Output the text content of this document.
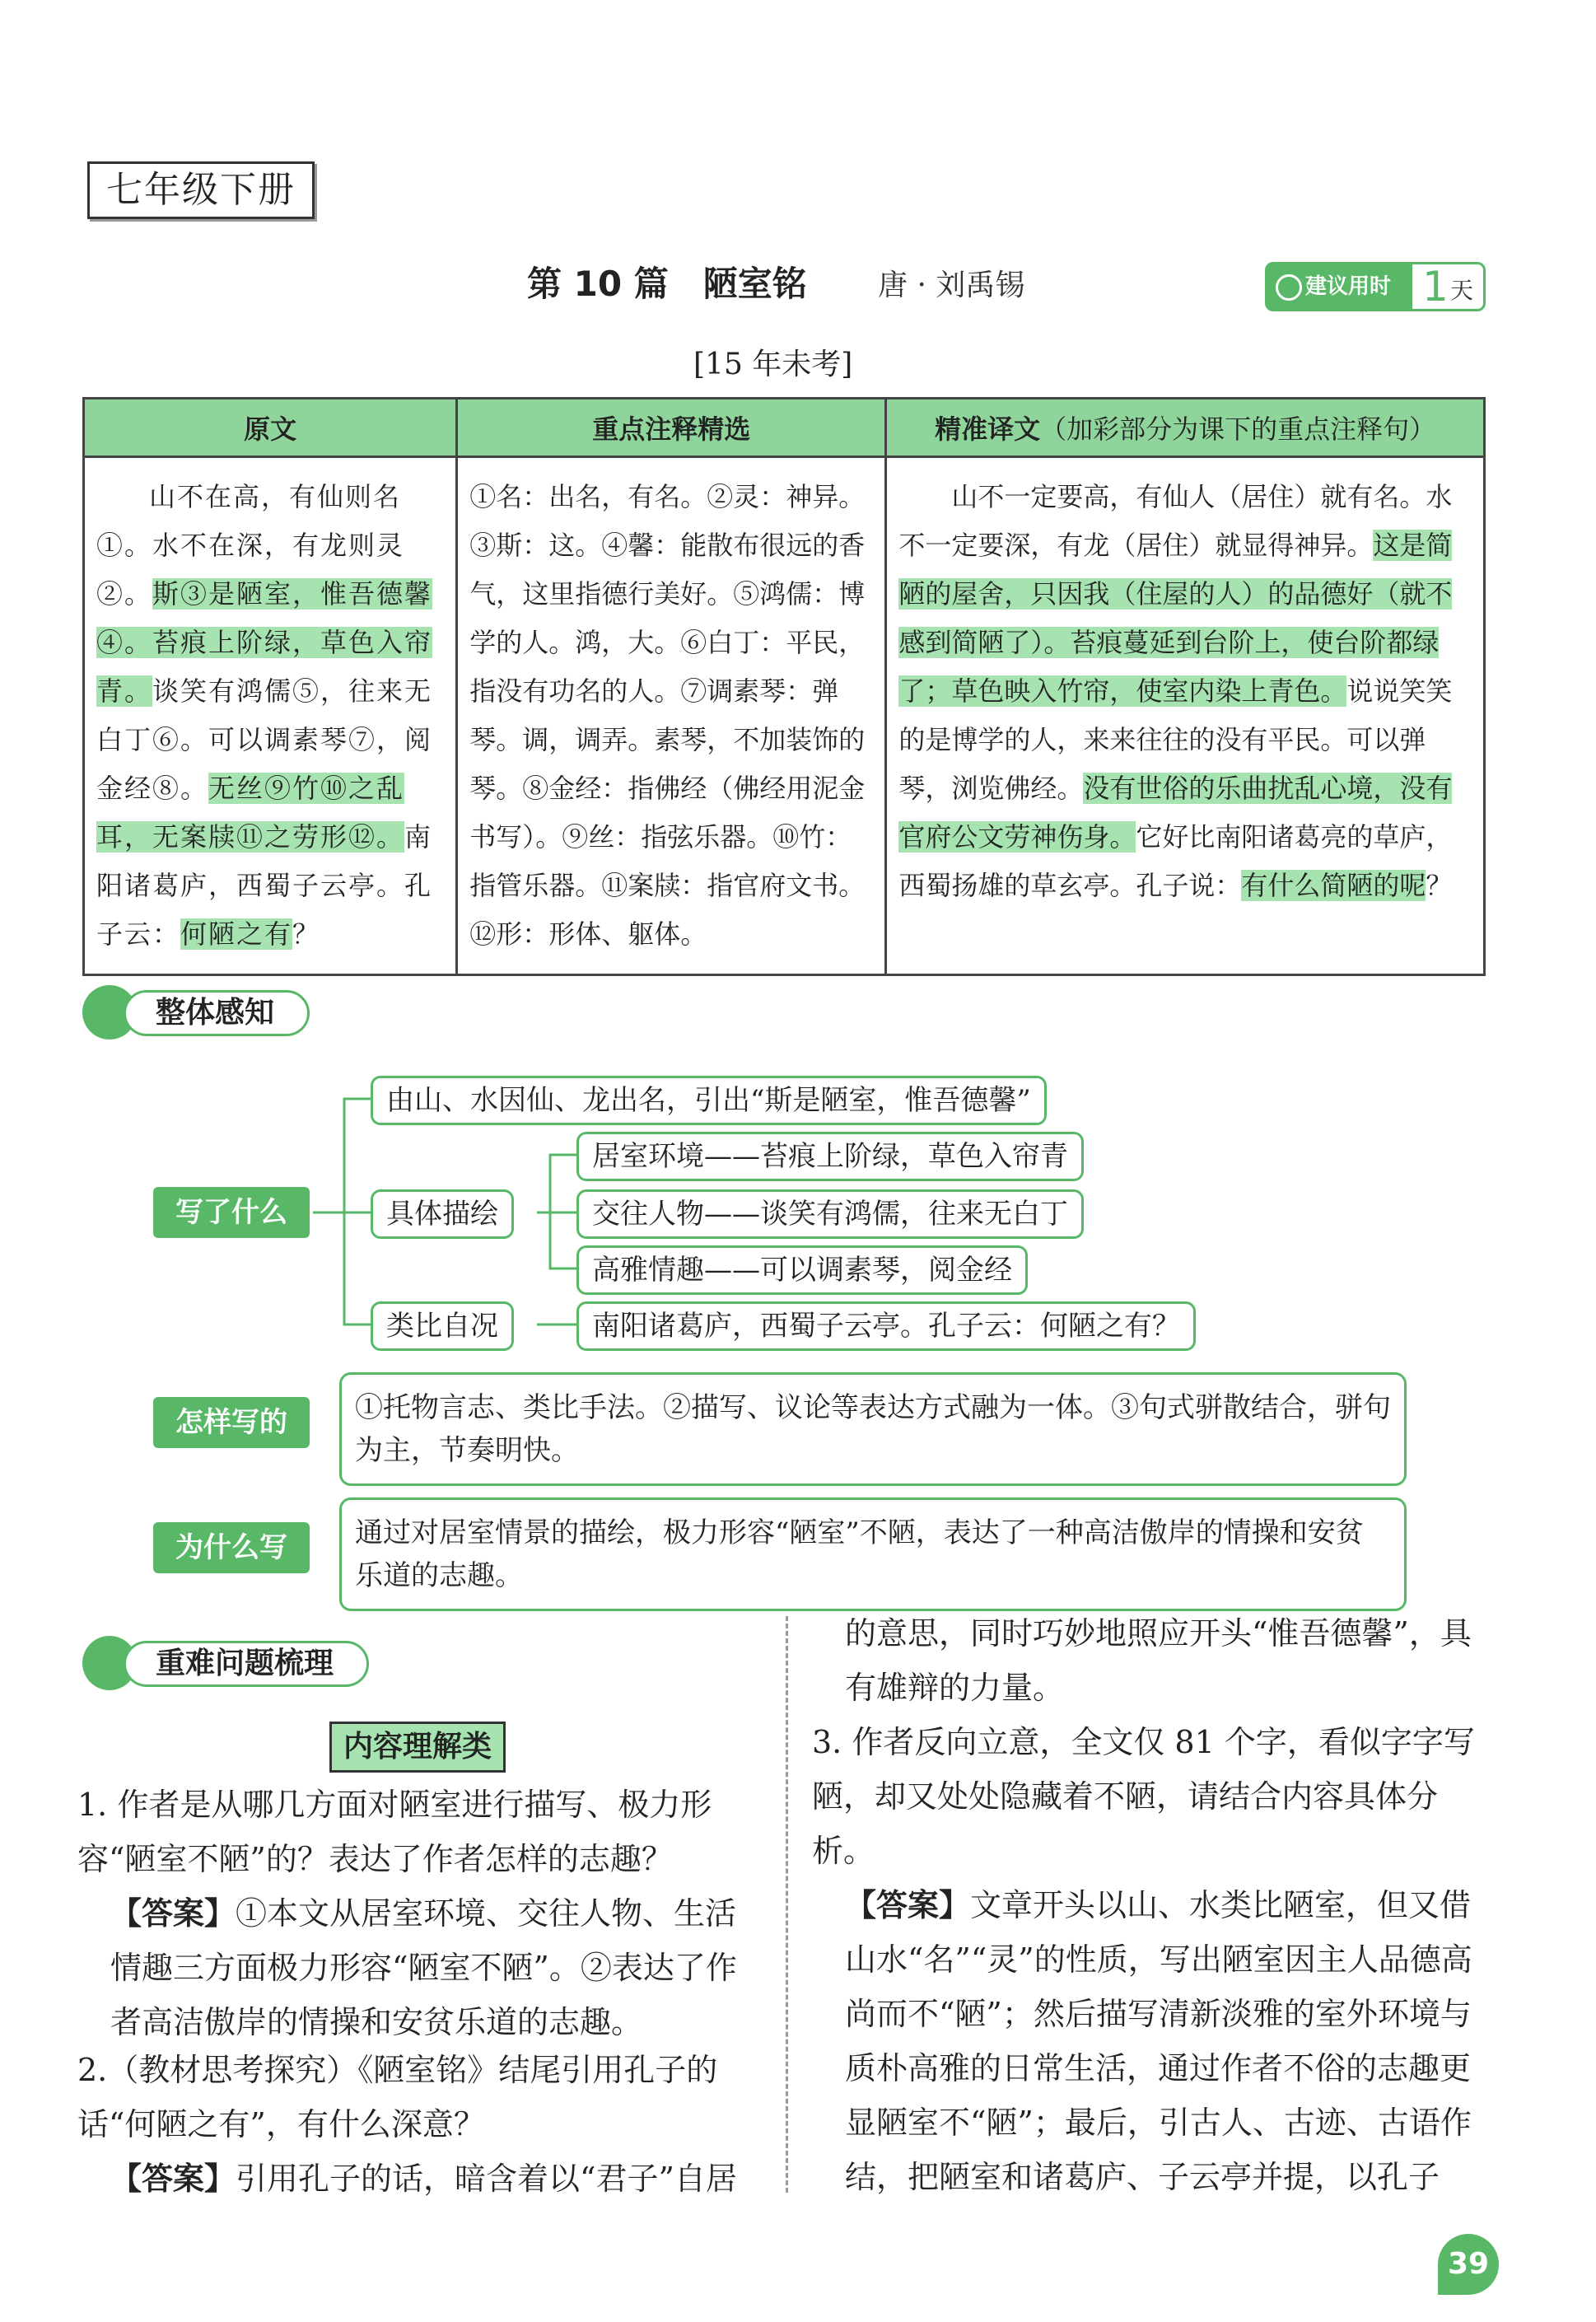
七年级下册
第 10 篇　陋室铭 唐 · 刘禹锡	建议用时 1 天
[15 年未考]
原文	重点注释精选	精准译文（加彩部分为课下的重点注释句）
山不在高，有仙则名①。水不在深，有龙则灵②。斯③是陋室，惟吾德馨④。苔痕上阶绿，草色入帘青。谈笑有鸿儒⑤，往来无白丁⑥。可以调素琴⑦，阅金经⑧。无丝⑨竹⑩之乱耳，无案牍⑪之劳形⑫。南阳诸葛庐，西蜀子云亭。孔子云：何陋之有？	①名：出名，有名。②灵：神异。③斯：这。④馨：能散布很远的香气，这里指德行美好。⑤鸿儒：博学的人。鸿，大。⑥白丁：平民，指没有功名的人。⑦调素琴：弹琴。调，调弄。素琴，不加装饰的琴。⑧金经：指佛经（佛经用泥金书写）。⑨丝：指弦乐器。⑩竹：指管乐器。⑪案牍：指官府文书。⑫形：形体、躯体。	山不一定要高，有仙人（居住）就有名。水不一定要深，有龙（居住）就显得神异。这是简陋的屋舍，只因我（住屋的人）的品德好（就不感到简陋了）。苔痕蔓延到台阶上，使台阶都绿了；草色映入竹帘，使室内染上青色。说说笑笑的是博学的人，来来往往的没有平民。可以弹琴，浏览佛经。没有世俗的乐曲扰乱心境，没有官府公文劳神伤身。它好比南阳诸葛亮的草庐，西蜀扬雄的草玄亭。孔子说：有什么简陋的呢？
整体感知
写了什么
由山、水因仙、龙出名，引出“斯是陋室，惟吾德馨”
具体描绘
居室环境——苔痕上阶绿，草色入帘青
交往人物——谈笑有鸿儒，往来无白丁
高雅情趣——可以调素琴，阅金经
类比自况	南阳诸葛庐，西蜀子云亭。孔子云：何陋之有？
怎样写的	①托物言志、类比手法。②描写、议论等表达方式融为一体。③句式骈散结合，骈句为主，节奏明快。
为什么写	通过对居室情景的描绘，极力形容“陋室”不陋，表达了一种高洁傲岸的情操和安贫乐道的志趣。
重难问题梳理
内容理解类
1. 作者是从哪几方面对陋室进行描写、极力形容“陋室不陋”的？表达了作者怎样的志趣？
【答案】①本文从居室环境、交往人物、生活情趣三方面极力形容“陋室不陋”。②表达了作者高洁傲岸的情操和安贫乐道的志趣。
2.（教材思考探究）《陋室铭》结尾引用孔子的话“何陋之有”，有什么深意？
【答案】引用孔子的话，暗含着以“君子”自居
的意思，同时巧妙地照应开头“惟吾德馨”，具有雄辩的力量。
3. 作者反向立意，全文仅 81 个字，看似字字写陋，却又处处隐藏着不陋，请结合内容具体分析。
【答案】文章开头以山、水类比陋室，但又借山水“名”“灵”的性质，写出陋室因主人品德高尚而不“陋”；然后描写清新淡雅的室外环境与质朴高雅的日常生活，通过作者不俗的志趣更显陋室不“陋”；最后，引古人、古迹、古语作结，把陋室和诸葛庐、子云亭并提，以孔子
39
